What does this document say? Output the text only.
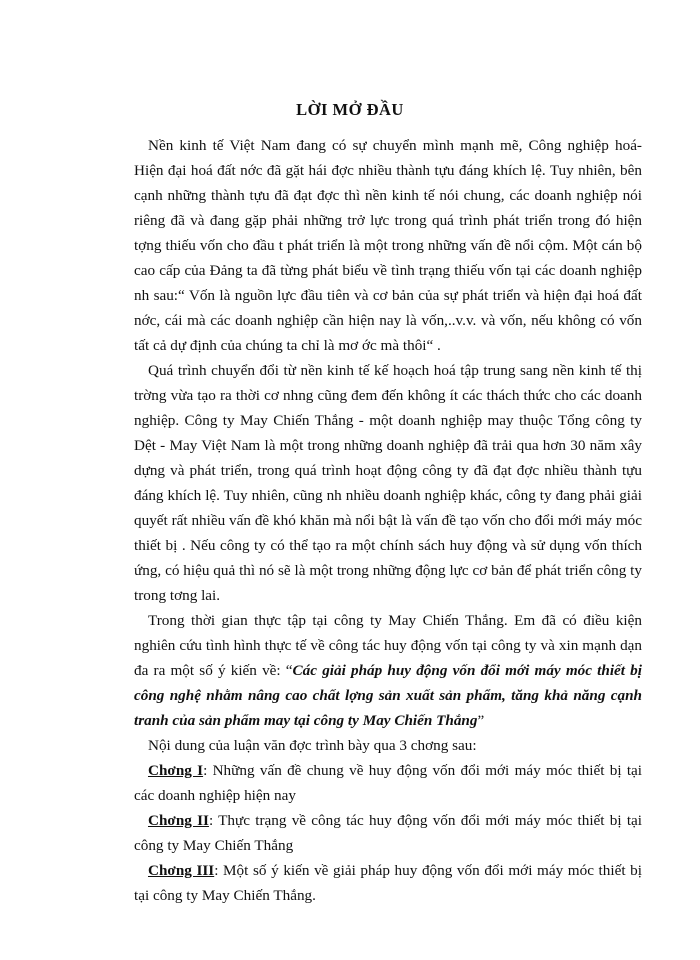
LỜI MỞ ĐẦU

Nền kinh tế Việt Nam đang có sự chuyển mình mạnh mẽ, Công nghiệp hoá- Hiện đại hoá đất nớc đã gặt hái đợc nhiều thành tựu đáng khích lệ. Tuy nhiên, bên cạnh những thành tựu đã đạt đợc thì nền kinh tế nói chung, các doanh nghiệp nói riêng đã và đang gặp phải những trở lực trong quá trình phát triển trong đó hiện tợng thiếu vốn cho đầu t phát triển là một trong những vấn đề nổi cộm. Một cán bộ cao cấp của Đảng ta đã từng phát biểu về tình trạng thiếu vốn tại các doanh nghiệp nh sau:“ Vốn là nguồn lực đầu tiên và cơ bản của sự phát triển và hiện đại hoá đất nớc, cái mà các doanh nghiệp cần hiện nay là vốn,..v.v. và vốn, nếu không có vốn tất cả dự định của chúng ta chỉ là mơ ớc mà thôi“ .

Quá trình chuyển đổi từ nền kinh tế kế hoạch hoá tập trung sang nền kinh tế thị trờng vừa tạo ra thời cơ nhng cũng đem đến không ít các thách thức cho các doanh nghiệp. Công ty May Chiến Thắng - một doanh nghiệp may thuộc Tổng công ty Dệt - May Việt Nam là một trong những doanh nghiệp đã trải qua hơn 30 năm xây dựng và phát triển, trong quá trình hoạt động công ty đã đạt đợc nhiều thành tựu đáng khích lệ. Tuy nhiên, cũng nh nhiều doanh nghiệp khác, công ty đang phải giải quyết rất nhiều vấn đề khó khăn mà nổi bật là vấn đề tạo vốn cho đổi mới máy móc thiết bị . Nếu công ty có thể tạo ra một chính sách huy động và sử dụng vốn thích ứng, có hiệu quả thì nó sẽ là một trong những động lực cơ bản để phát triển công ty trong tơng lai.

Trong thời gian thực tập tại công ty May Chiến Thắng. Em đã có điều kiện nghiên cứu tình hình thực tế về công tác huy động vốn tại công ty và xin mạnh dạn đa ra một số ý kiến về: “Các giải pháp huy động vốn đổi mới máy móc thiết bị công nghệ nhằm nâng cao chất lợng sản xuất sản phẩm, tăng khả năng cạnh tranh của sản phẩm may tại công ty May Chiến Thắng”

Nội dung của luận văn đợc trình bày qua 3 chơng sau:

Chơng I: Những vấn đề chung về huy động vốn đổi mới máy móc thiết bị tại các doanh nghiệp hiện nay

Chơng II: Thực trạng về công tác huy động vốn đổi mới máy móc thiết bị tại công ty May Chiến Thắng

Chơng III: Một số ý kiến về giải pháp huy động vốn đổi mới máy móc thiết bị tại công ty May Chiến Thắng.
